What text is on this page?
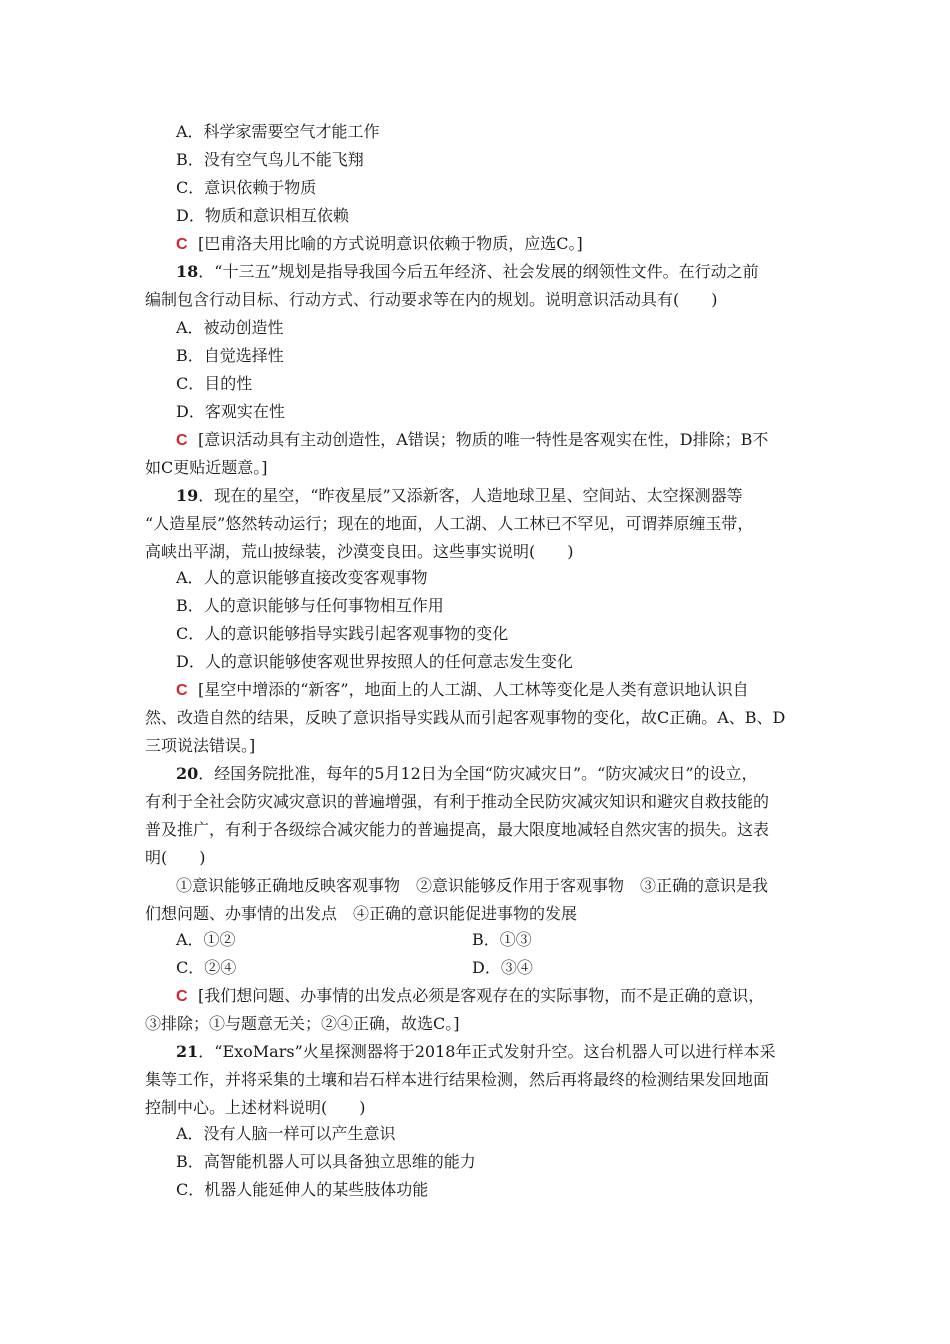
A．科学家需要空气才能工作
B．没有空气鸟儿不能飞翔
C．意识依赖于物质
D．物质和意识相互依赖
C [巴甫洛夫用比喻的方式说明意识依赖于物质，应选C。]
18．“十三五”规划是指导我国今后五年经济、社会发展的纲领性文件。在行动之前
编制包含行动目标、行动方式、行动要求等在内的规划。说明意识活动具有(　　)
A．被动创造性
B．自觉选择性
C．目的性
D．客观实在性
C [意识活动具有主动创造性，A错误；物质的唯一特性是客观实在性，D排除；B不
如C更贴近题意。]
19．现在的星空，“昨夜星辰”又添新客，人造地球卫星、空间站、太空探测器等
“人造星辰”悠然转动运行；现在的地面，人工湖、人工林已不罕见，可谓莽原缠玉带，
高峡出平湖，荒山披绿装，沙漠变良田。这些事实说明(　　)
A．人的意识能够直接改变客观事物
B．人的意识能够与任何事物相互作用
C．人的意识能够指导实践引起客观事物的变化
D．人的意识能够使客观世界按照人的任何意志发生变化
C [星空中增添的“新客”，地面上的人工湖、人工林等变化是人类有意识地认识自
然、改造自然的结果，反映了意识指导实践从而引起客观事物的变化，故C正确。A、B、D
三项说法错误。]
20．经国务院批准，每年的5月12日为全国“防灾减灾日”。“防灾减灾日”的设立，
有利于全社会防灾减灾意识的普遍增强，有利于推动全民防灾减灾知识和避灾自救技能的
普及推广，有利于各级综合减灾能力的普遍提高，最大限度地减轻自然灾害的损失。这表
明(　　)
①意识能够正确地反映客观事物　②意识能够反作用于客观事物　③正确的意识是我
们想问题、办事情的出发点　④正确的意识能促进事物的发展
A．①②	B．①③
C．②④	D．③④
C [我们想问题、办事情的出发点必须是客观存在的实际事物，而不是正确的意识，
③排除；①与题意无关；②④正确，故选C。]
21．“ExoMars”火星探测器将于2018年正式发射升空。这台机器人可以进行样本采
集等工作，并将采集的土壤和岩石样本进行结果检测，然后再将最终的检测结果发回地面
控制中心。上述材料说明(　　)
A．没有人脑一样可以产生意识
B．高智能机器人可以具备独立思维的能力
C．机器人能延伸人的某些肢体功能
